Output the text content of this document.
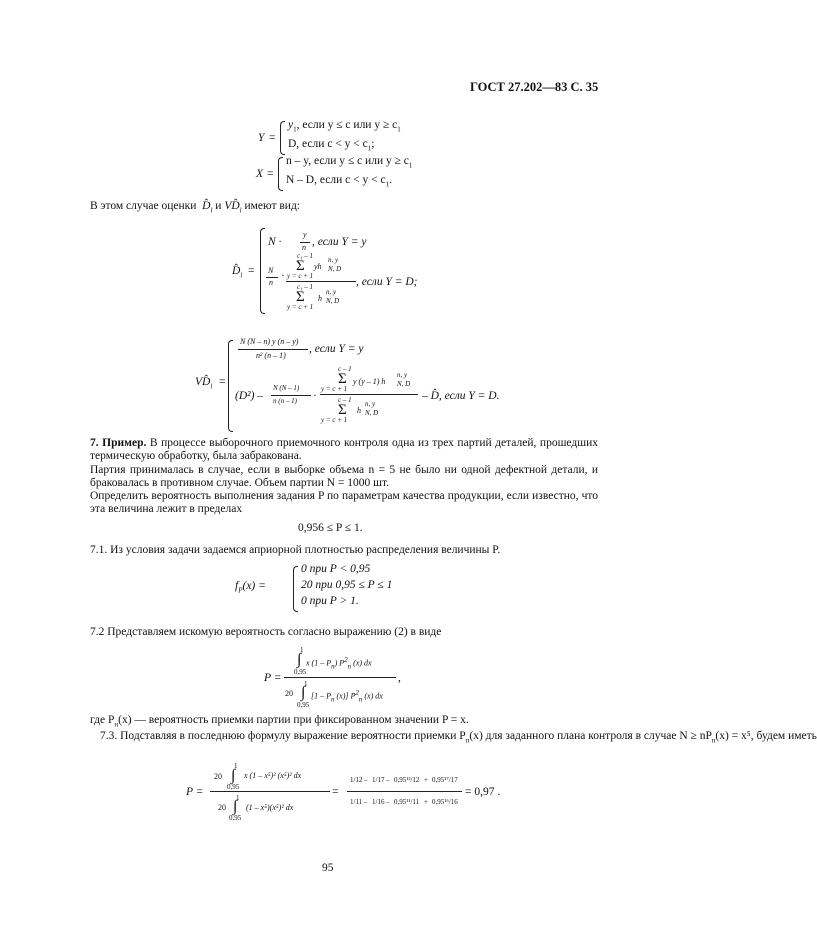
ГОСТ 27.202—83 С. 35
Y =
$y_1$, если y ≤ c или $y \ge c_1$
D, если $c < y < c_1$;
X =
n – y, если y ≤ c или $y \ge c_1$
N – D, если $c < y < c_1$.
В этом случае оценки $D̂_l$ и $VD̂_l$ имеют вид:
$D̂_l$ =
N ·
y
n , если Y = y
N
n
·
c₁ – 1
Σ
y = c + 1
yh
n, y
N, D
c₁ – 1
Σ
y = c + 1
h
n, y
N, D
, если Y = D;
$VD̂_l$ =
N (N – n) y (n – y)
n² (n – 1)
, если Y = y
(D²) –
N (N – 1)
n (n – 1) ·
c – 1
Σ
y = c + 1
y (y – 1) h
n, y
N, D
c – 1
Σ
y = c + 1
h
n, y
N, D
– D̂, если Y = D.

7. Пример. В процессе выборочного приемочного контроля одна из трех партий деталей, прошедших термическую обработку, была забракована.

Партия принималась в случае, если в выборке объема n = 5 не было ни одной дефектной детали, и браковалась в противном случае. Объем партии N = 1000 шт.

Определить вероятность выполнения задания P по параметрам качества продукции, если известно, что эта величина лежит в пределах

0,956 ≤ P ≤ 1.

7.1. Из условия задачи задаемся априорной плотностью распределения величины P.

$f_P(x)$ =
0 при P < 0,95
20 при 0,95 ≤ P ≤ 1
0 при P > 1.

7.2 Представляем искомую вероятность согласно выражению (2) в виде

P =
1
∫
0,95
x $(1 - P_n)$ $P^2_n$ (x) dx
20
1
∫
0,95
[$1 - P_n$ (x)] $P^2_n$ (x) dx
,
где $P_н(x)$ — вероятность приемки партии при фиксированном значении P = x.
7.3. Подставляя в последнюю формулу выражение вероятности приемки $P_п(x)$ для заданного плана контроля в случае $N \ge nP_n(x) = x^5$, будем иметь
P =
20
1
∫
0,95
x (1 – x⁵)² (x⁵)² dx
20
1
∫
0,95
(1 – x⁵)(x⁵)² dx
=
1/12 – 1/17 – 0,95¹²/12 + 0,95¹⁷/17
1/11 – 1/16 – 0,95¹¹/11 + 0,95¹⁶/16
= 0,97 .
95
